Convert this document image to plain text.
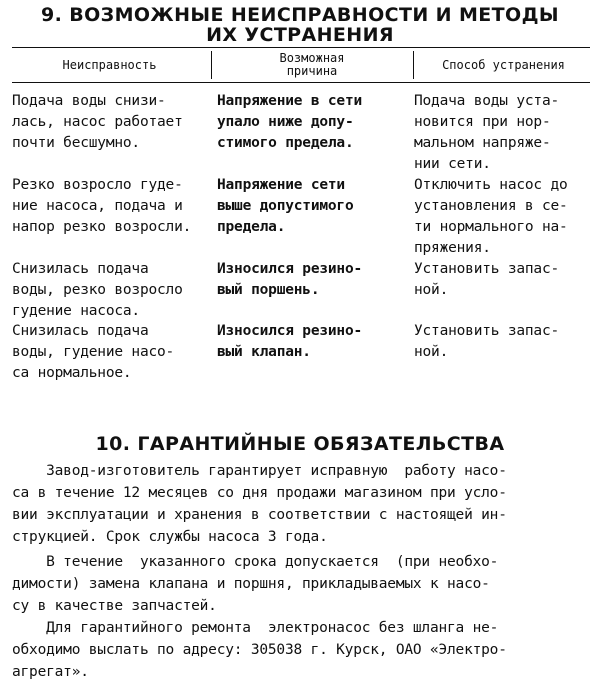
9. ВОЗМОЖНЫЕ НЕИСПРАВНОСТИ И МЕТОДЫ
ИХ УСТРАНЕНИЯ
Неисправность	Возможная
причина	Способ устранения
Подача воды снизи-
лась, насос работает
почти бесшумно.
Напряжение в сети
упало ниже допу-
стимого предела.
Подача воды уста-
новится при нор-
мальном напряже-
нии сети.
Резко возросло гуде-
ние насоса, подача и
напор резко возросли.
Напряжение сети
выше допустимого
предела.
Отключить насос до
установления в се-
ти нормального на-
пряжения.
Снизилась подача
воды, резко возросло
гудение насоса.
Износился резино-
вый поршень.
Установить запас-
ной.
Снизилась подача
воды, гудение насо-
са нормальное.
Износился резино-
вый клапан.
Установить запас-
ной.
10. ГАРАНТИЙНЫЕ ОБЯЗАТЕЛЬСТВА
Завод-изготовитель гарантирует исправную  работу насо-
са в течение 12 месяцев со дня продажи магазином при усло-
вии эксплуатации и хранения в соответствии с настоящей ин-
струкцией. Срок службы насоса 3 года.
В течение  указанного срока допускается  (при необхо-
димости) замена клапана и поршня, прикладываемых к насо-
су в качестве запчастей.
Для гарантийного ремонта  электронасос без шланга не-
обходимо выслать по адресу: 305038 г. Курск, ОАО «Электро-
агрегат».
